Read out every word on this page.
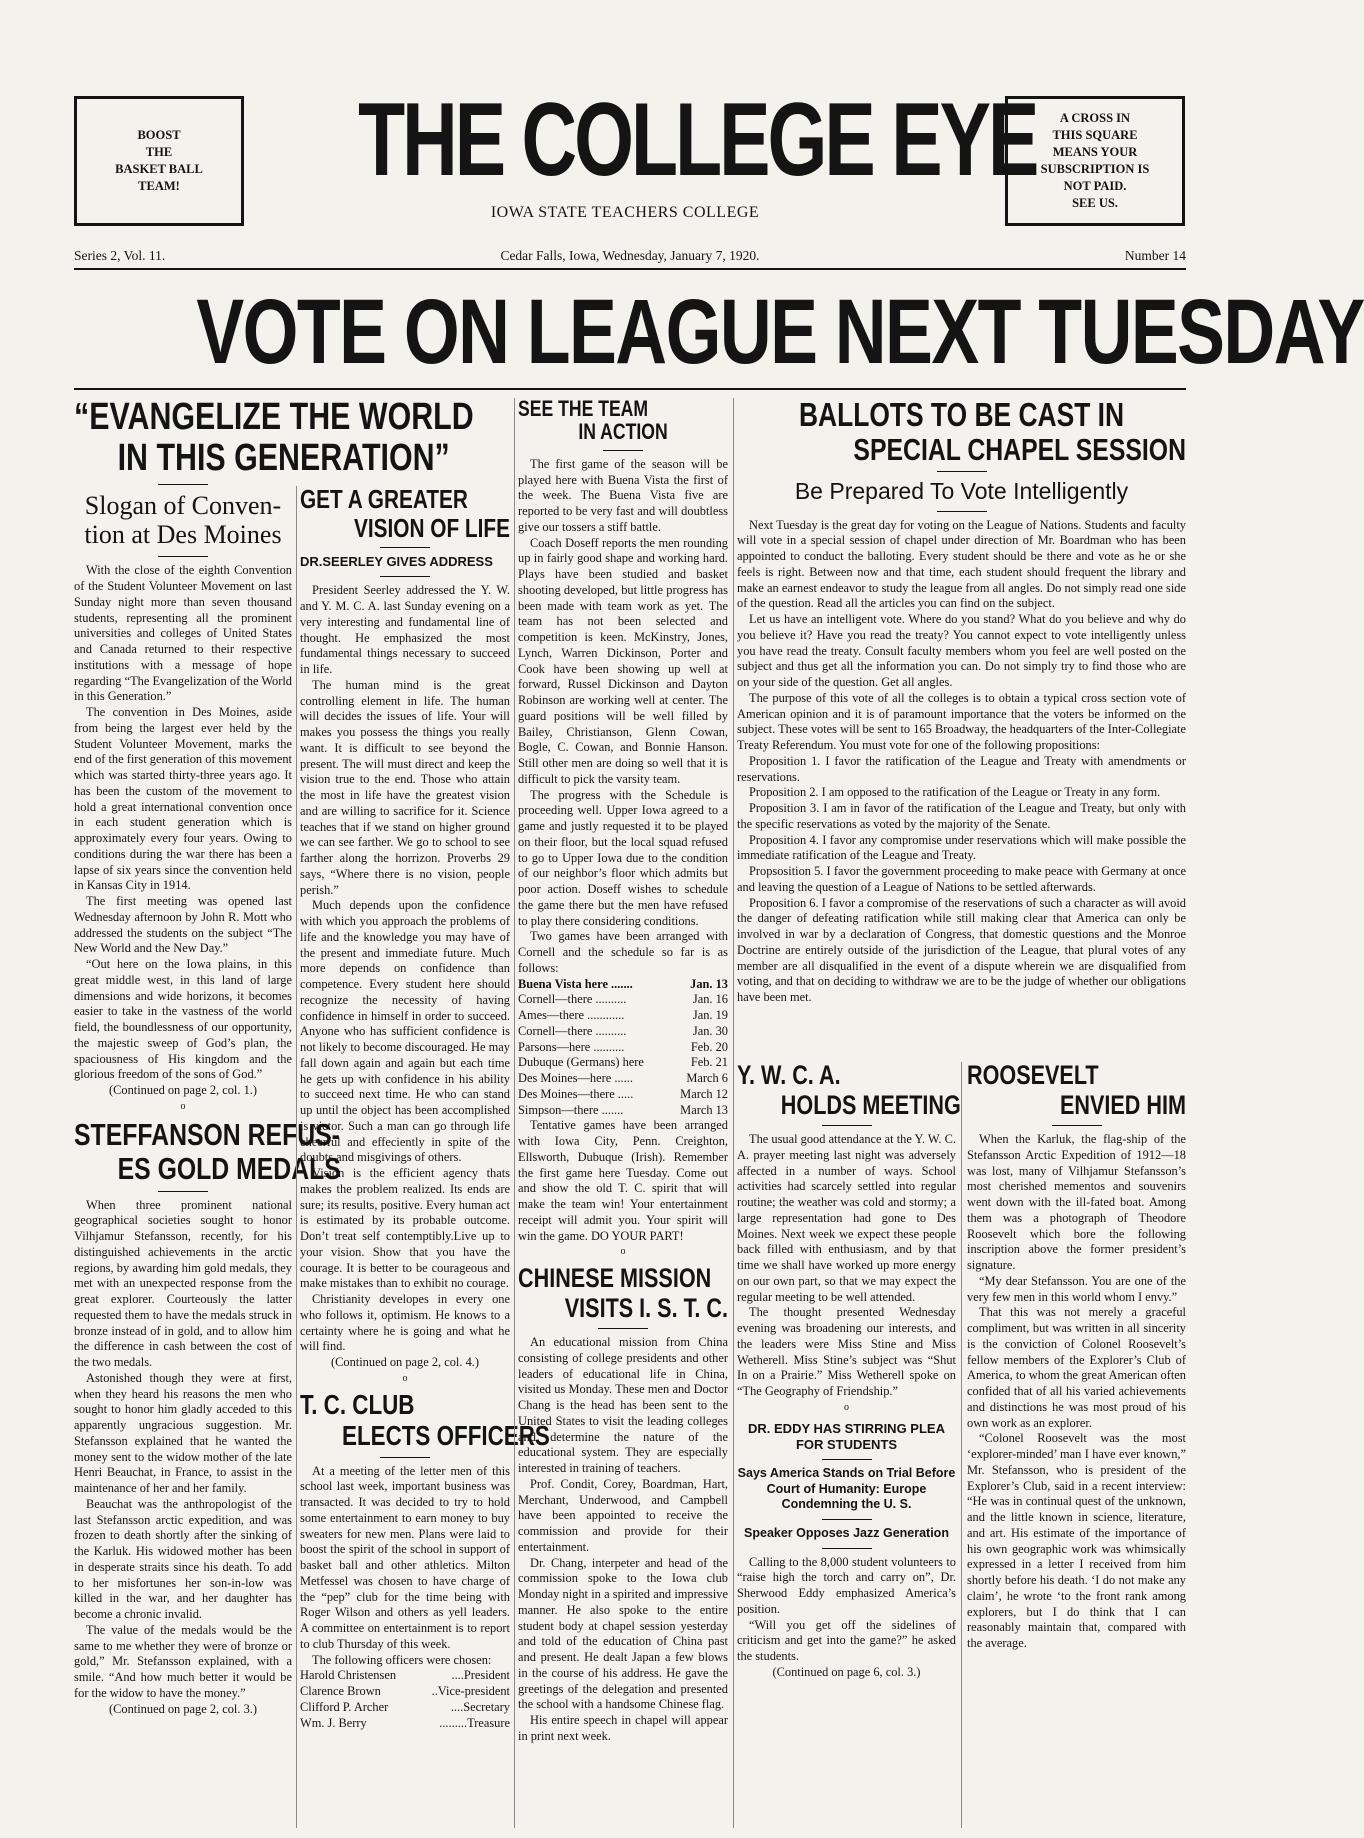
BOOST
THE
BASKET BALL
TEAM!	THE COLLEGE EYE
IOWA STATE TEACHERS COLLEGE
A CROSS IN
THIS SQUARE
MEANS YOUR
SUBSCRIPTION IS
NOT PAID.
SEE US.
Series 2, Vol. 11.	Cedar Falls, Iowa, Wednesday, January 7, 1920.	Number 14
VOTE ON LEAGUE NEXT TUESDAY
“EVANGELIZE THE WORLD
IN THIS GENERATION”
Slogan of Conven-tion at Des Moines

With the close of the eighth Convention of the Student Volunteer Movement on last Sunday night more than seven thousand students, representing all the prominent universities and colleges of United States and Canada returned to their respective institutions with a message of hope regarding “The Evangelization of the World in this Generation.”

The convention in Des Moines, aside from being the largest ever held by the Student Volunteer Movement, marks the end of the first generation of this movement which was started thirty-three years ago. It has been the custom of the movement to hold a great international convention once in each student generation which is approximately every four years. Owing to conditions during the war there has been a lapse of six years since the convention held in Kansas City in 1914.

The first meeting was opened last Wednesday afternoon by John R. Mott who addressed the students on the subject “The New World and the New Day.”

“Out here on the Iowa plains, in this great middle west, in this land of large dimensions and wide horizons, it becomes easier to take in the vastness of the world field, the boundlessness of our opportunity, the majestic sweep of God’s plan, the spaciousness of His kingdom and the glorious freedom of the sons of God.”

(Continued on page 2, col. 1.)

o
STEFFANSON REFUS-
ES GOLD MEDALS

When three prominent national geographical societies sought to honor Vilhjamur Stefansson, recently, for his distinguished achievements in the arctic regions, by awarding him gold medals, they met with an unexpected response from the great explorer. Courteously the latter requested them to have the medals struck in bronze instead of in gold, and to allow him the difference in cash between the cost of the two medals.

Astonished though they were at first, when they heard his reasons the men who sought to honor him gladly acceded to this apparently ungracious suggestion. Mr. Stefansson explained that he wanted the money sent to the widow mother of the late Henri Beauchat, in France, to assist in the maintenance of her and her family.

Beauchat was the anthropologist of the last Stefansson arctic expedition, and was frozen to death shortly after the sinking of the Karluk. His widowed mother has been in desperate straits since his death. To add to her misfortunes her son-in-low was killed in the war, and her daughter has become a chronic invalid.

The value of the medals would be the same to me whether they were of bronze or gold,” Mr. Stefansson explained, with a smile. “And how much better it would be for the widow to have the money.”

(Continued on page 2, col. 3.)

GET A GREATER
VISION OF LIFE
DR.SEERLEY GIVES ADDRESS

President Seerley addressed the Y. W. and Y. M. C. A. last Sunday evening on a very interesting and fundamental line of thought. He emphasized the most fundamental things necessary to succeed in life.

The human mind is the great controlling element in life. The human will decides the issues of life. Your will makes you possess the things you really want. It is difficult to see beyond the present. The will must direct and keep the vision true to the end. Those who attain the most in life have the greatest vision and are willing to sacrifice for it. Science teaches that if we stand on higher ground we can see farther. We go to school to see farther along the horrizon. Proverbs 29 says, “Where there is no vision, people perish.”

Much depends upon the confidence with which you approach the problems of life and the knowledge you may have of the present and immediate future. Much more depends on confidence than competence. Every student here should recognize the necessity of having confidence in himself in order to succeed. Anyone who has sufficient confidence is not likely to become discouraged. He may fall down again and again but each time he gets up with confidence in his ability to succeed next time. He who can stand up until the object has been accomplished is victor. Such a man can go through life cheerful and effeciently in spite of the doubts and misgivings of others.

Vision is the efficient agency thats makes the problem realized. Its ends are sure; its results, positive. Every human act is estimated by its probable outcome. Don’t treat self contemptibly.Live up to your vision. Show that you have the courage. It is better to be courageous and make mistakes than to exhibit no courage.

Christianity developes in every one who follows it, optimism. He knows to a certainty where he is going and what he will find.

(Continued on page 2, col. 4.)

o
T. C. CLUB
ELECTS OFFICERS

At a meeting of the letter men of this school last week, important business was transacted. It was decided to try to hold some entertainment to earn money to buy sweaters for new men. Plans were laid to boost the spirit of the school in support of basket ball and other athletics. Milton Metfessel was chosen to have charge of the “pep” club for the time being with Roger Wilson and others as yell leaders. A committee on entertainment is to report to club Thursday of this week.

The following officers were chosen:

Harold Christensen	....President
Clarence Brown	..Vice-president
Clifford P. Archer	....Secretary
Wm. J. Berry	.........Treasure
SEE THE TEAM
IN ACTION

The first game of the season will be played here with Buena Vista the first of the week. The Buena Vista five are reported to be very fast and will doubtless give our tossers a stiff battle.

Coach Doseff reports the men rounding up in fairly good shape and working hard. Plays have been studied and basket shooting developed, but little progress has been made with team work as yet. The team has not been selected and competition is keen. McKinstry, Jones, Lynch, Warren Dickinson, Porter and Cook have been showing up well at forward, Russel Dickinson and Dayton Robinson are working well at center. The guard positions will be well filled by Bailey, Christianson, Glenn Cowan, Bogle, C. Cowan, and Bonnie Hanson. Still other men are doing so well that it is difficult to pick the varsity team.

The progress with the Schedule is proceeding well. Upper Iowa agreed to a game and justly requested it to be played on their floor, but the local squad refused to go to Upper Iowa due to the condition of our neighbor’s floor which admits but poor action. Doseff wishes to schedule the game there but the men have refused to play there considering conditions.

Two games have been arranged with Cornell and the schedule so far is as follows:

Buena Vista here .......	Jan. 13
Cornell—there ..........	Jan. 16
Ames—there ............	Jan. 19
Cornell—there ..........	Jan. 30
Parsons—here ..........	Feb. 20
Dubuque (Germans) here	Feb. 21
Des Moines—here ......	March 6
Des Moines—there .....	March 12
Simpson—there .......	March 13

Tentative games have been arranged with Iowa City, Penn. Creighton, Ellsworth, Dubuque (Irish). Remember the first game here Tuesday. Come out and show the old T. C. spirit that will make the team win! Your entertainment receipt will admit you. Your spirit will win the game. DO YOUR PART!

o
CHINESE MISSION
VISITS I. S. T. C.

An educational mission from China consisting of college presidents and other leaders of educational life in China, visited us Monday. These men and Doctor Chang is the head has been sent to the United States to visit the leading colleges and determine the nature of the educational system. They are especially interested in training of teachers.

Prof. Condit, Corey, Boardman, Hart, Merchant, Underwood, and Campbell have been appointed to receive the commission and provide for their entertainment.

Dr. Chang, interpeter and head of the commission spoke to the Iowa club Monday night in a spirited and impressive manner. He also spoke to the entire student body at chapel session yesterday and told of the education of China past and present. He dealt Japan a few blows in the course of his address. He gave the greetings of the delegation and presented the school with a handsome Chinese flag.

His entire speech in chapel will appear in print next week.

BALLOTS TO BE CAST IN
SPECIAL CHAPEL SESSION
Be Prepared To Vote Intelligently

Next Tuesday is the great day for voting on the League of Nations. Students and faculty will vote in a special session of chapel under direction of Mr. Boardman who has been appointed to conduct the balloting. Every student should be there and vote as he or she feels is right. Between now and that time, each student should frequent the library and make an earnest endeavor to study the league from all angles. Do not simply read one side of the question. Read all the articles you can find on the subject.

Let us have an intelligent vote. Where do you stand? What do you believe and why do you believe it? Have you read the treaty? You cannot expect to vote intelligently unless you have read the treaty. Consult faculty members whom you feel are well posted on the subject and thus get all the information you can. Do not simply try to find those who are on your side of the question. Get all angles.

The purpose of this vote of all the colleges is to obtain a typical cross section vote of American opinion and it is of paramount importance that the voters be informed on the subject. These votes will be sent to 165 Broadway, the headquarters of the Inter-Collegiate Treaty Referendum. You must vote for one of the following propositions:

Proposition 1. I favor the ratification of the League and Treaty with amendments or reservations.

Proposition 2. I am opposed to the ratification of the League or Treaty in any form.

Proposition 3. I am in favor of the ratification of the League and Treaty, but only with the specific reservations as voted by the majority of the Senate.

Proposition 4. I favor any compromise under reservations which will make possible the immediate ratification of the League and Treaty.

Propsosition 5. I favor the government proceeding to make peace with Germany at once and leaving the question of a League of Nations to be settled afterwards.

Proposition 6. I favor a compromise of the reservations of such a character as will avoid the danger of defeating ratification while still making clear that America can only be involved in war by a declaration of Congress, that domestic questions and the Monroe Doctrine are entirely outside of the jurisdiction of the League, that plural votes of any member are all disqualified in the event of a dispute wherein we are disqualified from voting, and that on deciding to withdraw we are to be the judge of whether our obligations have been met.

Y. W. C. A.
HOLDS MEETING

The usual good attendance at the Y. W. C. A. prayer meeting last night was adversely affected in a number of ways. School activities had scarcely settled into regular routine; the weather was cold and stormy; a large representation had gone to Des Moines. Next week we expect these people back filled with enthusiasm, and by that time we shall have worked up more energy on our own part, so that we may expect the regular meeting to be well attended.

The thought presented Wednesday evening was broadening our interests, and the leaders were Miss Stine and Miss Wetherell. Miss Stine’s subject was “Shut In on a Prairie.” Miss Wetherell spoke on “The Geography of Friendship.”

o
DR. EDDY HAS STIRRING PLEA FOR STUDENTS
Says America Stands on Trial Before Court of Humanity: Europe Condemning the U. S.
Speaker Opposes Jazz Generation

Calling to the 8,000 student volunteers to “raise high the torch and carry on”, Dr. Sherwood Eddy emphasized America’s position.

“Will you get off the sidelines of criticism and get into the game?” he asked the students.

(Continued on page 6, col. 3.)

ROOSEVELT
ENVIED HIM

When the Karluk, the flag-ship of the Stefansson Arctic Expedition of 1912—18 was lost, many of Vilhjamur Stefansson’s most cherished mementos and souvenirs went down with the ill-fated boat. Among them was a photograph of Theodore Roosevelt which bore the following inscription above the former president’s signature.

“My dear Stefansson. You are one of the very few men in this world whom I envy.”

That this was not merely a graceful compliment, but was written in all sincerity is the conviction of Colonel Roosevelt’s fellow members of the Explorer’s Club of America, to whom the great American often confided that of all his varied achievements and distinctions he was most proud of his own work as an explorer.

“Colonel Roosevelt was the most ‘explorer-minded’ man I have ever known,” Mr. Stefansson, who is president of the Explorer’s Club, said in a recent interview: “He was in continual quest of the unknown, and the little known in science, literature, and art. His estimate of the importance of his own geographic work was whimsically expressed in a letter I received from him shortly before his death. ‘I do not make any claim’, he wrote ‘to the front rank among explorers, but I do think that I can reasonably maintain that, compared with the average.
